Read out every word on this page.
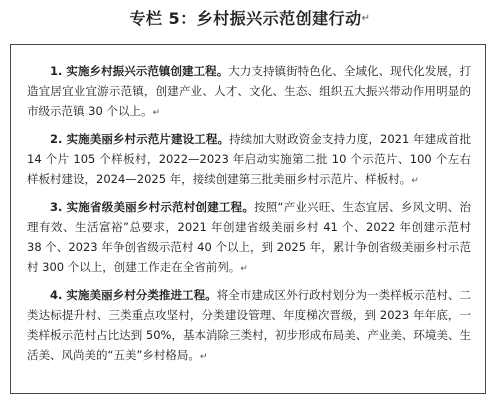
专栏 5：乡村振兴示范创建行动↵

1. 实施乡村振兴示范镇创建工程。大力支持镇街特色化、全域化、现代化发展，打造宜居宜业宜游示范镇，创建产业、人才、文化、生态、组织五大振兴带动作用明显的市级示范镇 30 个以上。↵

2. 实施美丽乡村示范片建设工程。持续加大财政资金支持力度，2021 年建成首批 14 个片 105 个样板村，2022—2023 年启动实施第二批 10 个示范片、100 个左右样板村建设，2024—2025 年，接续创建第三批美丽乡村示范片、样板村。↵

3. 实施省级美丽乡村示范村创建工程。按照“产业兴旺、生态宜居、乡风文明、治理有效、生活富裕”总要求，2021 年创建省级美丽乡村 41 个、2022 年创建示范村 38 个、2023 年争创省级示范村 40 个以上，到 2025 年，累计争创省级美丽乡村示范村 300 个以上，创建工作走在全省前列。↵

4. 实施美丽乡村分类推进工程。将全市建成区外行政村划分为一类样板示范村、二类达标提升村、三类重点攻坚村，分类建设管理、年度梯次晋级，到 2023 年年底，一类样板示范村占比达到 50%，基本消除三类村，初步形成布局美、产业美、环境美、生活美、风尚美的“五美”乡村格局。↵
